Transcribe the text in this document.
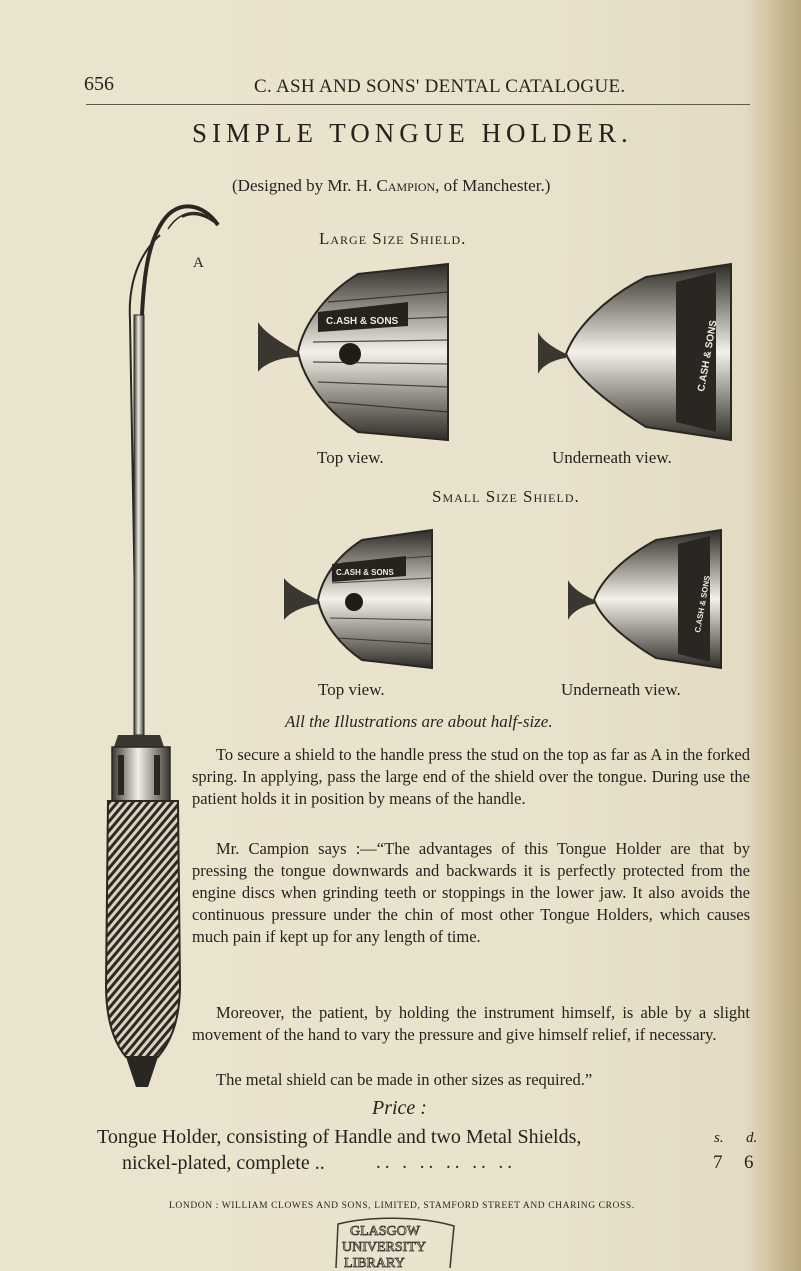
656	C. ASH AND SONS' DENTAL CATALOGUE.
SIMPLE TONGUE HOLDER.
(Designed by Mr. H. Campion, of Manchester.)
A
Large Size Shield.
C.ASH & SONS
Top view.
C.ASH & SONS
Underneath view.
Small Size Shield.
C.ASH & SONS
Top view.
C.ASH & SONS
Underneath view.
All the Illustrations are about half-size.

To secure a shield to the handle press the stud on the top as far as A in the forked spring. In applying, pass the large end of the shield over the tongue. During use the patient holds it in position by means of the handle.

Mr. Campion says :—“The advantages of this Tongue Holder are that by pressing the tongue downwards and backwards it is perfectly protected from the engine discs when grinding teeth or stoppings in the lower jaw. It also avoids the continuous pressure under the chin of most other Tongue Holders, which causes much pain if kept up for any length of time.

Moreover, the patient, by holding the instrument himself, is able by a slight movement of the hand to vary the pressure and give himself relief, if necessary.

The metal shield can be made in other sizes as required.”

Price :
Tongue Holder, consisting of Handle and two Metal Shields,	s. d.
nickel-plated, complete ..	.. . .. .. .. ..	7 6
LONDON : WILLIAM CLOWES AND SONS, LIMITED, STAMFORD STREET AND CHARING CROSS.
GLASGOW
UNIVERSITY
LIBRARY
